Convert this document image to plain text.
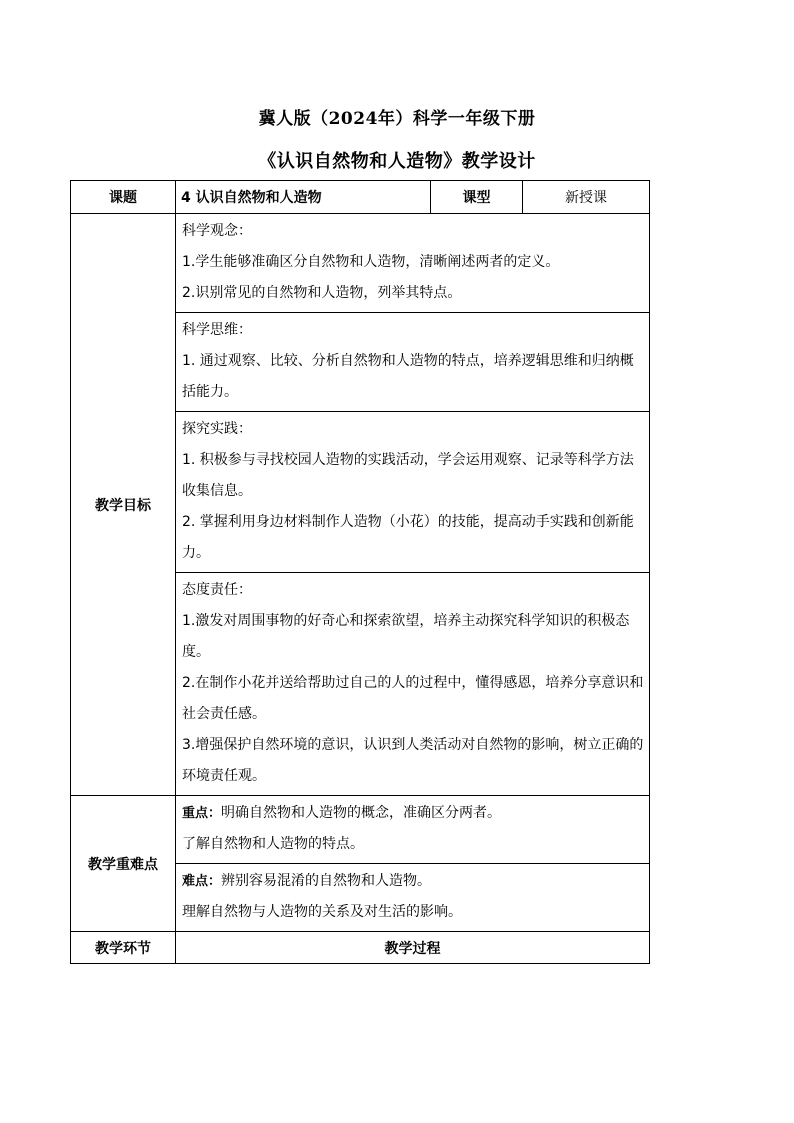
冀人版（2024年）科学一年级下册
《认识自然物和人造物》教学设计
课题	4 认识自然物和人造物	课型	新授课
教学目标	科学观念：

1.学生能够准确区分自然物和人造物，清晰阐述两者的定义。

2.识别常见的自然物和人造物，列举其特点。		

	科学思维：

1. 通过观察、比较、分析自然物和人造物的特点，培养逻辑思维和归纳概括能力。		

	探究实践：

1. 积极参与寻找校园人造物的实践活动，学会运用观察、记录等科学方法收集信息。

2. 掌握利用身边材料制作人造物（小花）的技能，提高动手实践和创新能力。		

	态度责任：

1.激发对周围事物的好奇心和探索欲望，培养主动探究科学知识的积极态度。

2.在制作小花并送给帮助过自己的人的过程中，懂得感恩，培养分享意识和社会责任感。

3.增强保护自然环境的意识，认识到人类活动对自然物的影响，树立正确的环境责任观。		

教学重难点	重点：明确自然物和人造物的概念，准确区分两者。

了解自然物和人造物的特点。		

	难点：辨别容易混淆的自然物和人造物。

理解自然物与人造物的关系及对生活的影响。		

教学环节	教学过程		
